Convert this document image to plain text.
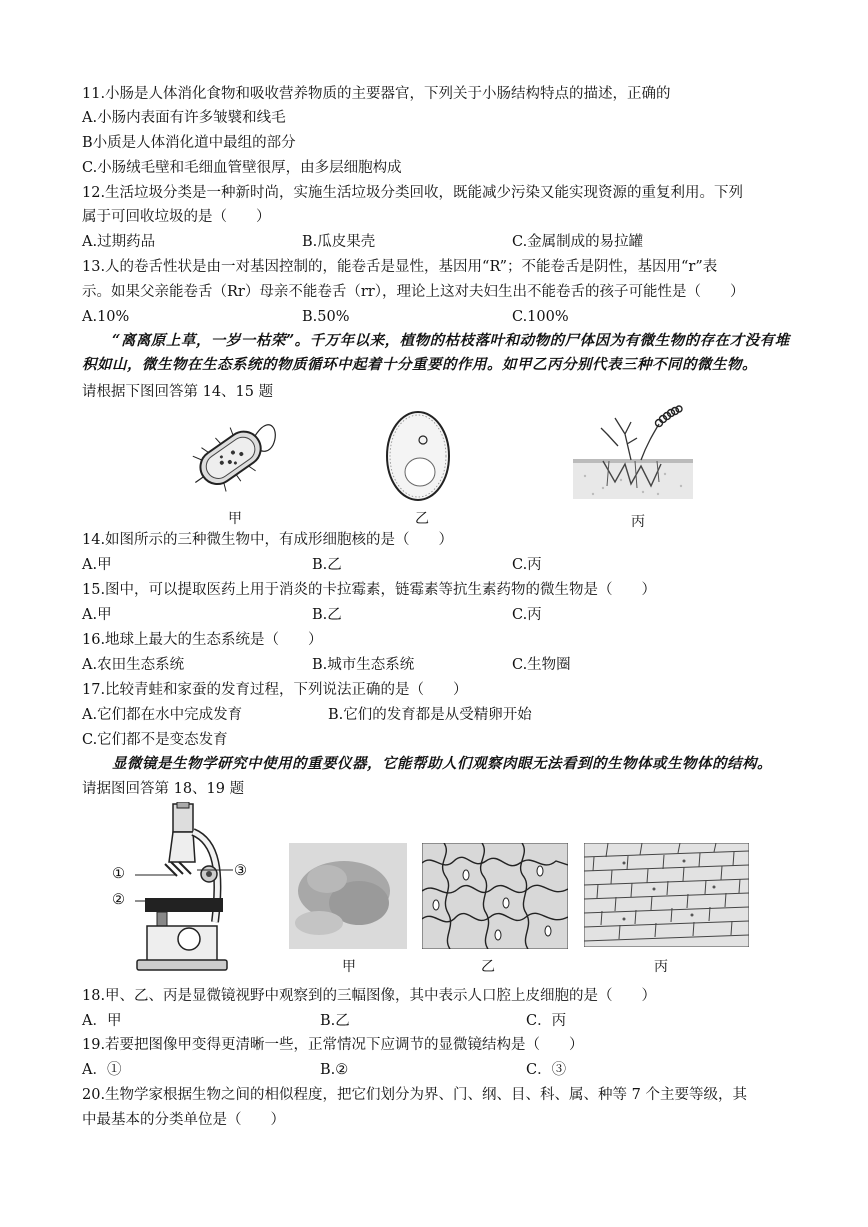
11.小肠是人体消化食物和吸收营养物质的主要器官，下列关于小肠结构特点的描述，正确的
A.小肠内表面有许多皱襞和线毛
B小质是人体消化道中最组的部分
C.小肠绒毛壁和毛细血管壁很厚，由多层细胞构成
12.生活垃圾分类是一种新时尚，实施生活垃圾分类回收，既能减少污染又能实现资源的重复利用。下列
属于可回收垃圾的是（　　）
A.过期药品	B.瓜皮果壳	C.金属制成的易拉罐
13.人的卷舌性状是由一对基因控制的，能卷舌是显性，基因用“R”；不能卷舌是阴性，基因用“r”表
示。如果父亲能卷舌（Rr）母亲不能卷舌（rr），理论上这对夫妇生出不能卷舌的孩子可能性是（　　）
A.10%	B.50%	C.100%
“离离原上草，一岁一枯荣”。千万年以来，植物的枯枝落叶和动物的尸体因为有微生物的存在才没有堆积如山，微生物在生态系统的物质循环中起着十分重要的作用。如甲乙丙分别代表三种不同的微生物。
请根据下图回答第 14、15 题
甲	乙	丙
14.如图所示的三种微生物中，有成形细胞核的是（　　）
A.甲	B.乙	C.丙
15.图中，可以提取医药上用于消炎的卡拉霉素，链霉素等抗生素药物的微生物是（　　）
A.甲	B.乙	C.丙
16.地球上最大的生态系统是（　　）
A.农田生态系统	B.城市生态系统	C.生物圈
17.比较青蛙和家蚕的发育过程，下列说法正确的是（　　）
A.它们都在水中完成发育	B.它们的发育都是从受精卵开始
C.它们都不是变态发育
显微镜是生物学研究中使用的重要仪器，它能帮助人们观察肉眼无法看到的生物体或生物体的结构。
请据图回答第 18、19 题
①
②
③
甲	乙	丙
18.甲、乙、丙是显微镜视野中观察到的三幅图像，其中表示人口腔上皮细胞的是（　　）
A．甲	B.乙	C．丙
19.若要把图像甲变得更清晰一些，正常情况下应调节的显微镜结构是（　　）
A．①	B.②	C．③
20.生物学家根据生物之间的相似程度，把它们划分为界、门、纲、目、科、属、种等 7 个主要等级，其
中最基本的分类单位是（　　）
